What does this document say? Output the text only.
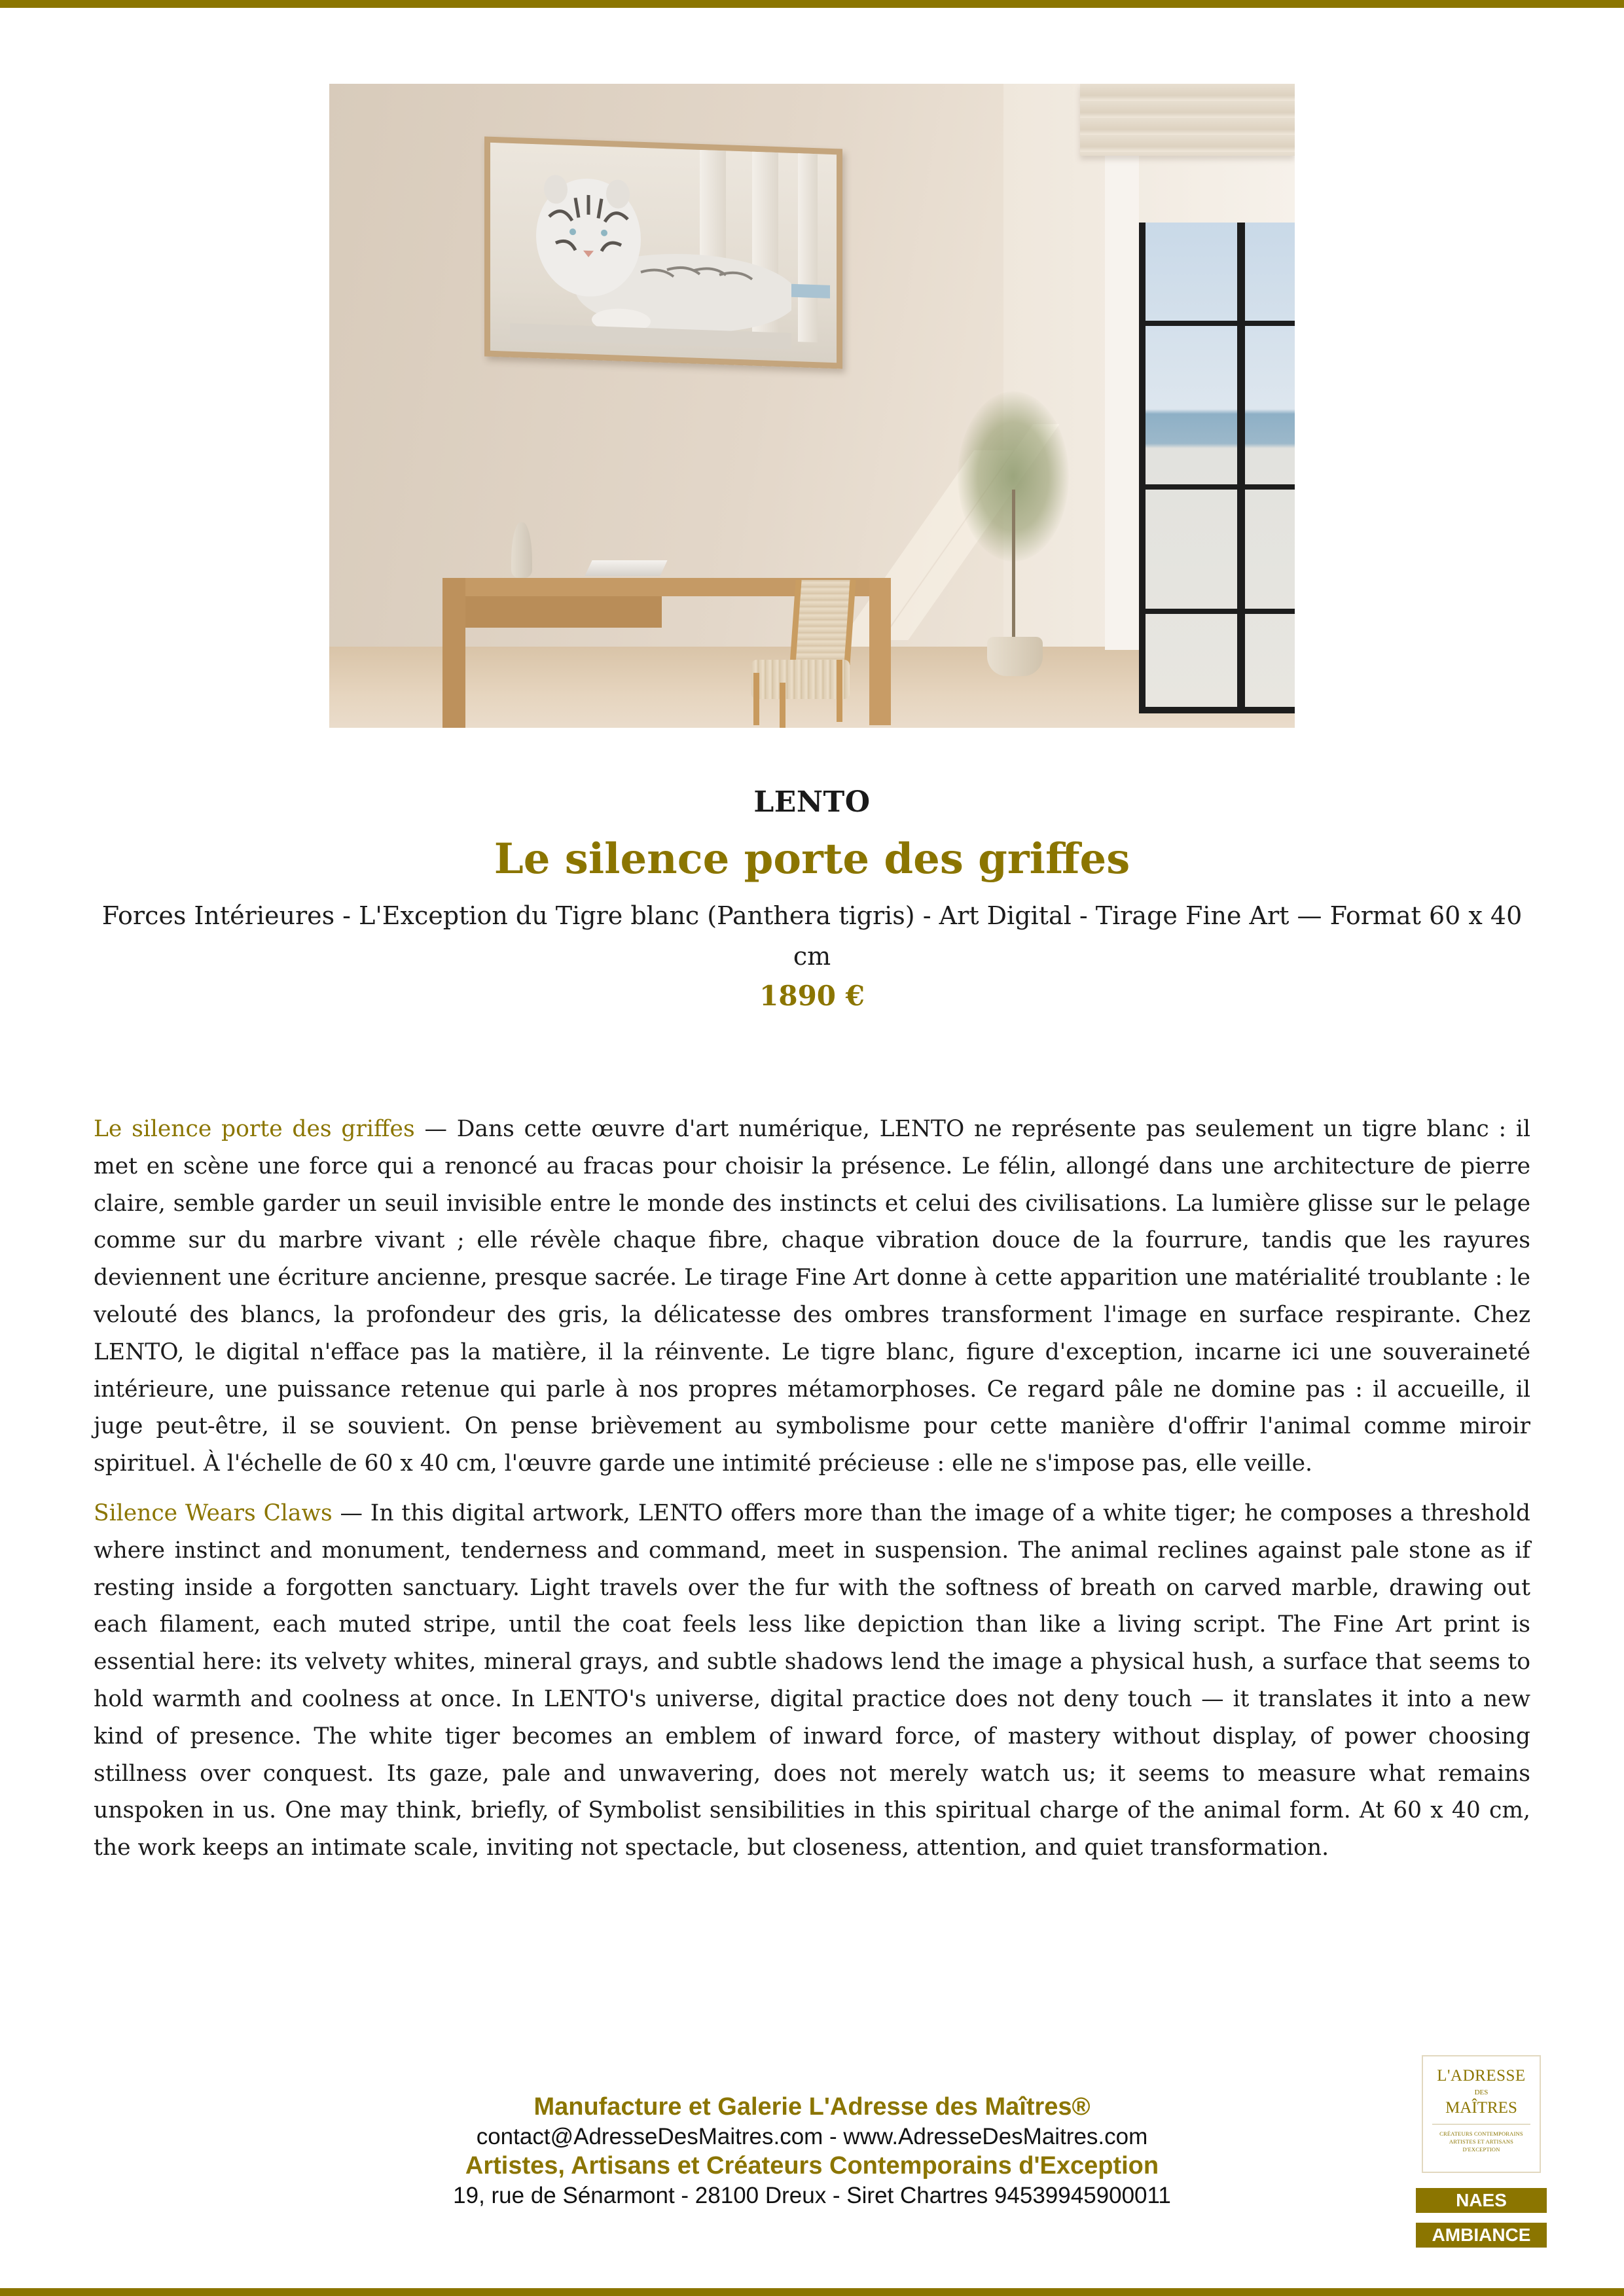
LENTO
Le silence porte des griffes
Forces Intérieures - L'Exception du Tigre blanc (Panthera tigris) - Art Digital - Tirage Fine Art — Format 60 x 40 cm
1890 €

Le silence porte des griffes — Dans cette œuvre d'art numérique, LENTO ne représente pas seulement un tigre blanc : il met en scène une force qui a renoncé au fracas pour choisir la présence. Le félin, allongé dans une architecture de pierre claire, semble garder un seuil invisible entre le monde des instincts et celui des civilisations. La lumière glisse sur le pelage comme sur du marbre vivant ; elle révèle chaque fibre, chaque vibration douce de la fourrure, tandis que les rayures deviennent une écriture ancienne, presque sacrée. Le tirage Fine Art donne à cette apparition une matérialité troublante : le velouté des blancs, la profondeur des gris, la délicatesse des ombres transforment l'image en surface respirante. Chez LENTO, le digital n'efface pas la matière, il la réinvente. Le tigre blanc, figure d'exception, incarne ici une souveraineté intérieure, une puissance retenue qui parle à nos propres métamorphoses. Ce regard pâle ne domine pas : il accueille, il juge peut-être, il se souvient. On pense brièvement au symbolisme pour cette manière d'offrir l'animal comme miroir spirituel. À l'échelle de 60 x 40 cm, l'œuvre garde une intimité précieuse : elle ne s'impose pas, elle veille.

Silence Wears Claws — In this digital artwork, LENTO offers more than the image of a white tiger; he composes a threshold where instinct and monument, tenderness and command, meet in suspension. The animal reclines against pale stone as if resting inside a forgotten sanctuary. Light travels over the fur with the softness of breath on carved marble, drawing out each filament, each muted stripe, until the coat feels less like depiction than like a living script. The Fine Art print is essential here: its velvety whites, mineral grays, and subtle shadows lend the image a physical hush, a surface that seems to hold warmth and coolness at once. In LENTO's universe, digital practice does not deny touch — it translates it into a new kind of presence. The white tiger becomes an emblem of inward force, of mastery without display, of power choosing stillness over conquest. Its gaze, pale and unwavering, does not merely watch us; it seems to measure what remains unspoken in us. One may think, briefly, of Symbolist sensibilities in this spiritual charge of the animal form. At 60 x 40 cm, the work keeps an intimate scale, inviting not spectacle, but closeness, attention, and quiet transformation.

Manufacture et Galerie L'Adresse des Maîtres®
contact@AdresseDesMaitres.com - www.AdresseDesMaitres.com
Artistes, Artisans et Créateurs Contemporains d'Exception
19, rue de Sénarmont - 28100 Dreux - Siret Chartres 94539945900011
L'ADRESSE
DES
MAÎTRES
CRÉATEURS CONTEMPORAINS
ARTISTES ET ARTISANS
D'EXCEPTION
NAES
AMBIANCE
